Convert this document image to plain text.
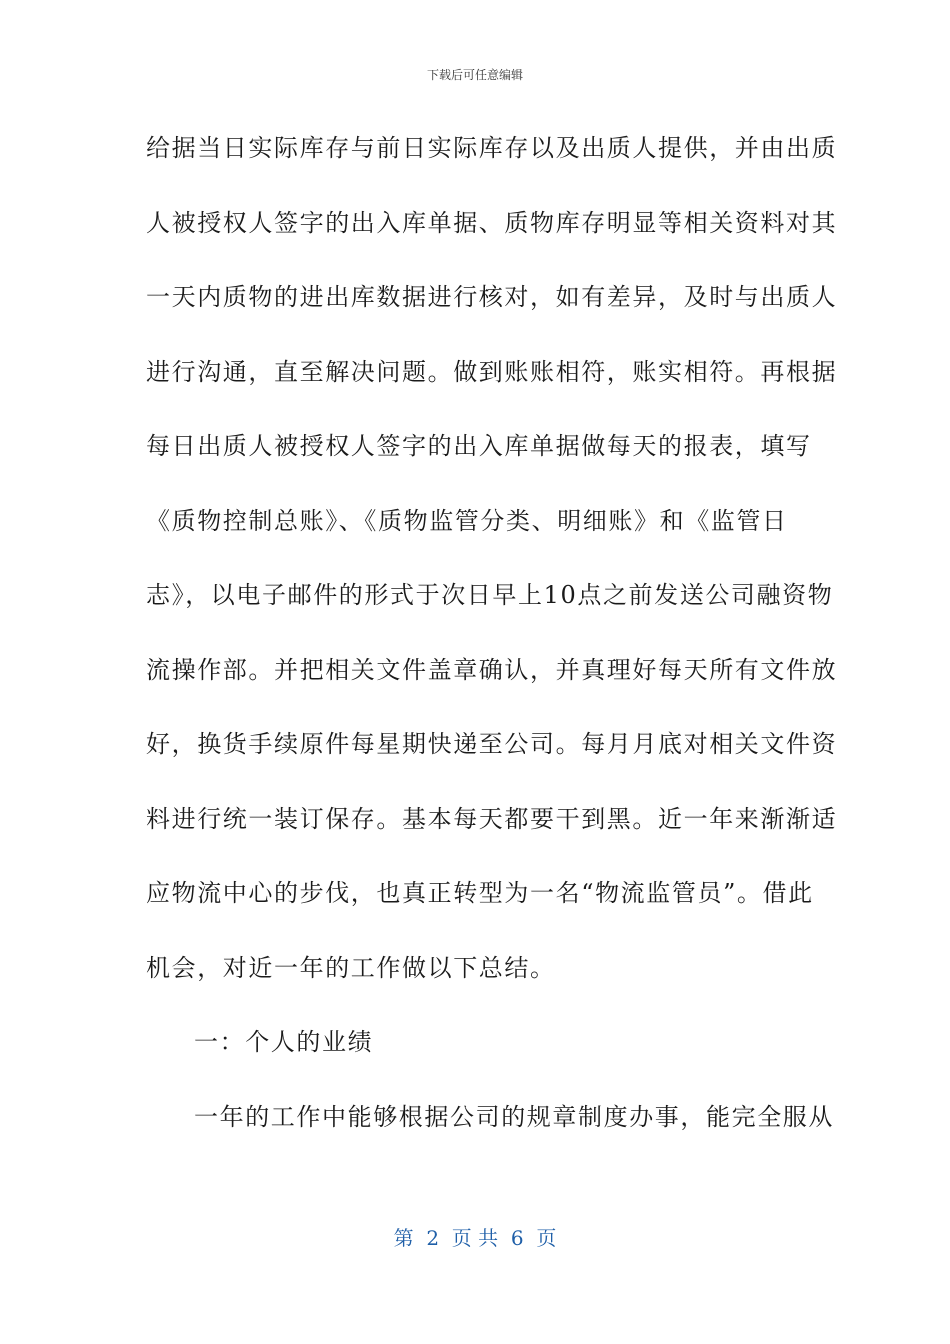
下载后可任意编辑
给据当日实际库存与前日实际库存以及出质人提供，并由出质
人被授权人签字的出入库单据、质物库存明显等相关资料对其
一天内质物的进出库数据进行核对，如有差异，及时与出质人
进行沟通，直至解决问题。做到账账相符，账实相符。再根据
每日出质人被授权人签字的出入库单据做每天的报表，填写
《质物控制总账》、《质物监管分类、明细账》和《监管日
志》，以电子邮件的形式于次日早上10点之前发送公司融资物
流操作部。并把相关文件盖章确认，并真理好每天所有文件放
好，换货手续原件每星期快递至公司。每月月底对相关文件资
料进行统一装订保存。基本每天都要干到黑。近一年来渐渐适
应物流中心的步伐，也真正转型为一名“物流监管员”。借此
机会，对近一年的工作做以下总结。
一：个人的业绩
一年的工作中能够根据公司的规章制度办事，能完全服从
第  2  页 共  6  页
